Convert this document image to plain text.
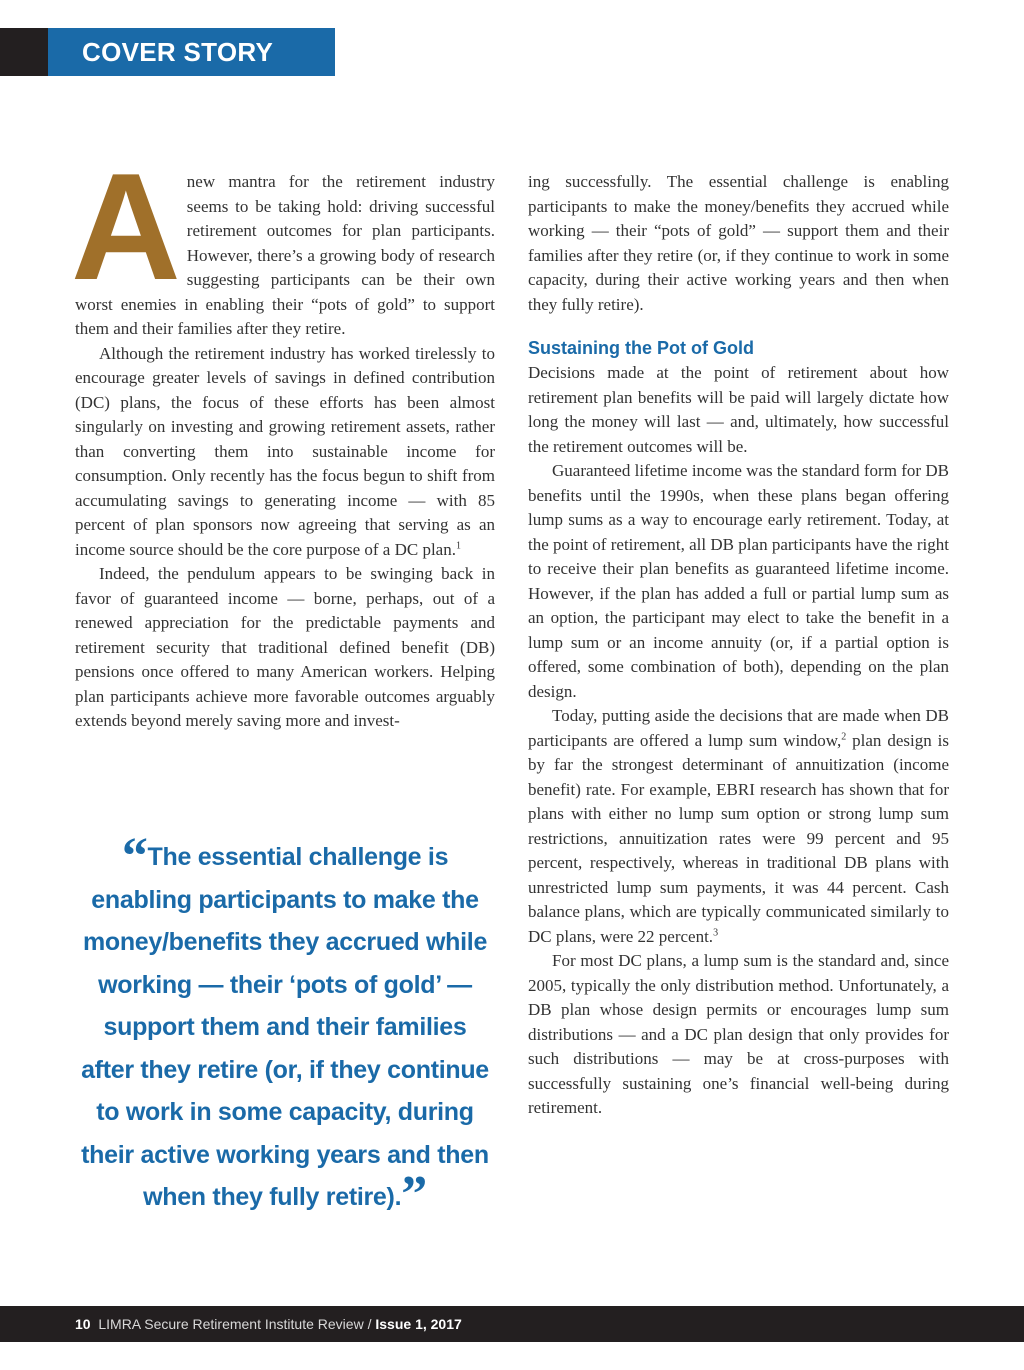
COVER STORY

Anew mantra for the retirement industry seems to be taking hold: driving successful retirement outcomes for plan participants. However, there’s a growing body of research suggesting participants can be their own worst enemies in enabling their “pots of gold” to support them and their families after they retire.

Although the retirement industry has worked tirelessly to encourage greater levels of savings in defined contribution (DC) plans, the focus of these efforts has been almost singularly on investing and growing retirement assets, rather than converting them into sustainable income for consumption. Only recently has the focus begun to shift from accumulating savings to generating income — with 85 percent of plan sponsors now agreeing that serving as an income source should be the core purpose of a DC plan.$^1$

Indeed, the pendulum appears to be swinging back in favor of guaranteed income — borne, perhaps, out of a renewed appreciation for the predictable payments and retirement security that traditional defined benefit (DB) pensions once offered to many American workers. Helping plan participants achieve more favorable outcomes arguably extends beyond merely saving more and invest-

“The essential challenge is enabling participants to make the money/benefits they accrued while working — their ‘pots of gold’ — support them and their families after they retire (or, if they continue to work in some capacity, during their active working years and then when they fully retire).”

ing successfully. The essential challenge is enabling participants to make the money/benefits they accrued while working — their “pots of gold” — support them and their families after they retire (or, if they continue to work in some capacity, during their active working years and then when they fully retire).

Sustaining the Pot of Gold

Decisions made at the point of retirement about how retirement plan benefits will be paid will largely dictate how long the money will last — and, ultimately, how successful the retirement outcomes will be.

Guaranteed lifetime income was the standard form for DB benefits until the 1990s, when these plans began offering lump sums as a way to encourage early retirement. Today, at the point of retirement, all DB plan participants have the right to receive their plan benefits as guaranteed lifetime income. However, if the plan has added a full or partial lump sum as an option, the participant may elect to take the benefit in a lump sum or an income annuity (or, if a partial option is offered, some combination of both), depending on the plan design.

Today, putting aside the decisions that are made when DB participants are offered a lump sum window,$^2$ plan design is by far the strongest determinant of annuitization (income benefit) rate. For example, EBRI research has shown that for plans with either no lump sum option or strong lump sum restrictions, annuitization rates were 99 percent and 95 percent, respectively, whereas in traditional DB plans with unrestricted lump sum payments, it was 44 percent. Cash balance plans, which are typically communicated similarly to DC plans, were 22 percent.$^3$

For most DC plans, a lump sum is the standard and, since 2005, typically the only distribution method. Unfortunately, a DB plan whose design permits or encourages lump sum distributions — and a DC plan design that only provides for such distributions — may be at cross-purposes with successfully sustaining one’s financial well-being during retirement.

10 LIMRA Secure Retirement Institute Review / Issue 1, 2017
